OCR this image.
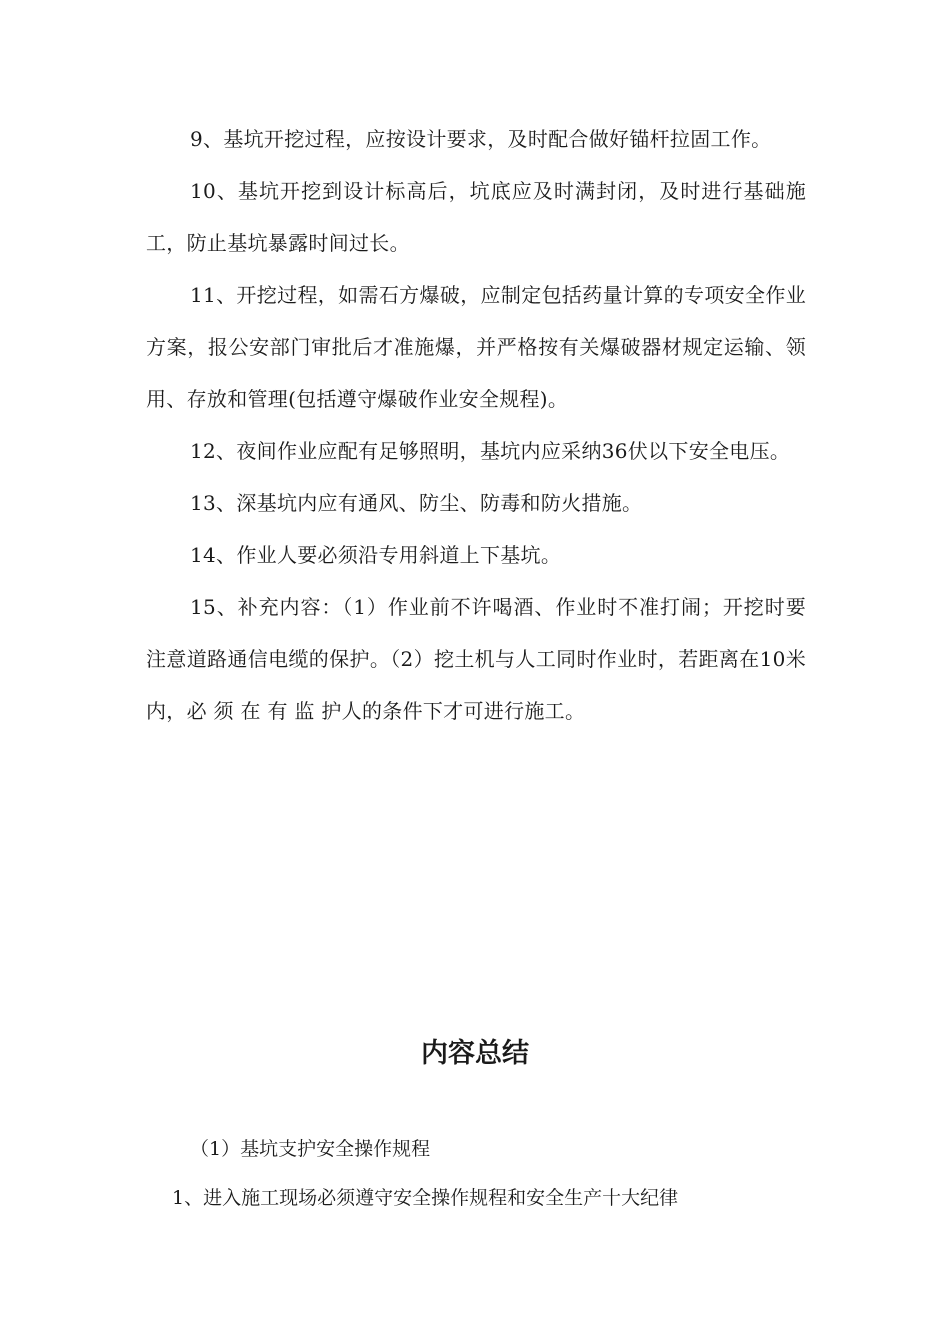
9、基坑开挖过程，应按设计要求，及时配合做好锚杆拉固工作。

10、基坑开挖到设计标高后，坑底应及时满封闭，及时进行基础施工，防止基坑暴露时间过长。

11、开挖过程，如需石方爆破，应制定包括药量计算的专项安全作业方案，报公安部门审批后才准施爆，并严格按有关爆破器材规定运输、领用、存放和管理(包括遵守爆破作业安全规程)。

12、夜间作业应配有足够照明，基坑内应采纳36伏以下安全电压。

13、深基坑内应有通风、防尘、防毒和防火措施。

14、作业人要必须沿专用斜道上下基坑。

15、补充内容：（1）作业前不许喝酒、作业时不准打闹；开挖时要注意道路通信电缆的保护。（2）挖土机与人工同时作业时，若距离在10米内，必 须 在 有 监 护人的条件下才可进行施工。

内容总结

（1）基坑支护安全操作规程

1、进入施工现场必须遵守安全操作规程和安全生产十大纪律
